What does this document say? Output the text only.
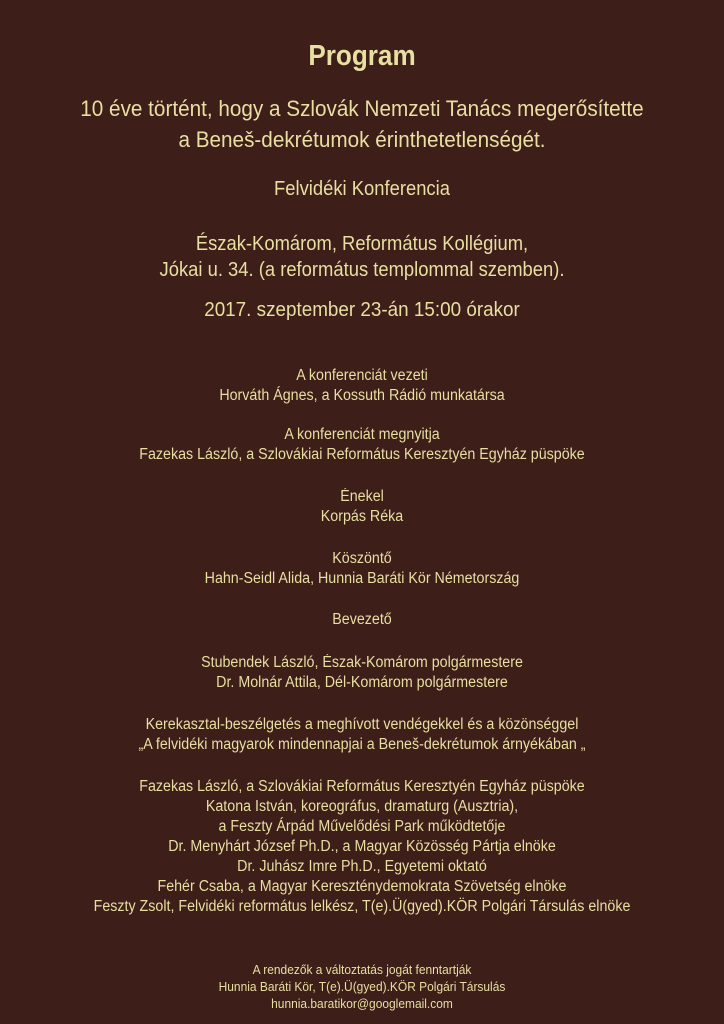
Program
10 éve történt, hogy a Szlovák Nemzeti Tanács megerősítette
a Beneš-dekrétumok érinthetetlenségét.
Felvidéki Konferencia
Észak-Komárom, Református Kollégium,
Jókai u. 34. (a református templommal szemben).
2017. szeptember 23-án 15:00 órakor
A konferenciát vezeti
Horváth Ágnes, a Kossuth Rádió munkatársa
A konferenciát megnyitja
Fazekas László, a Szlovákiai Református Keresztyén Egyház püspöke
Énekel
Korpás Réka
Köszöntő
Hahn-Seidl Alida, Hunnia Baráti Kör Németország
Bevezető
Stubendek László, Észak-Komárom polgármestere
Dr. Molnár Attila, Dél-Komárom polgármestere
Kerekasztal-beszélgetés a meghívott vendégekkel és a közönséggel
„A felvidéki magyarok mindennapjai a Beneš-dekrétumok árnyékában „
Fazekas László, a Szlovákiai Református Keresztyén Egyház püspöke
Katona István, koreográfus, dramaturg (Ausztria),
a Feszty Árpád Művelődési Park működtetője
Dr. Menyhárt József Ph.D., a Magyar Közösség Pártja elnöke
Dr. Juhász Imre Ph.D., Egyetemi oktató
Fehér Csaba, a Magyar Kereszténydemokrata Szövetség elnöke
Feszty Zsolt, Felvidéki református lelkész, T(e).Ü(gyed).KÖR Polgári Társulás elnöke
A rendezők a változtatás jogát fenntartják
Hunnia Baráti Kör, T(e).Ü(gyed).KÖR Polgári Társulás
hunnia.baratikor@googlemail.com
